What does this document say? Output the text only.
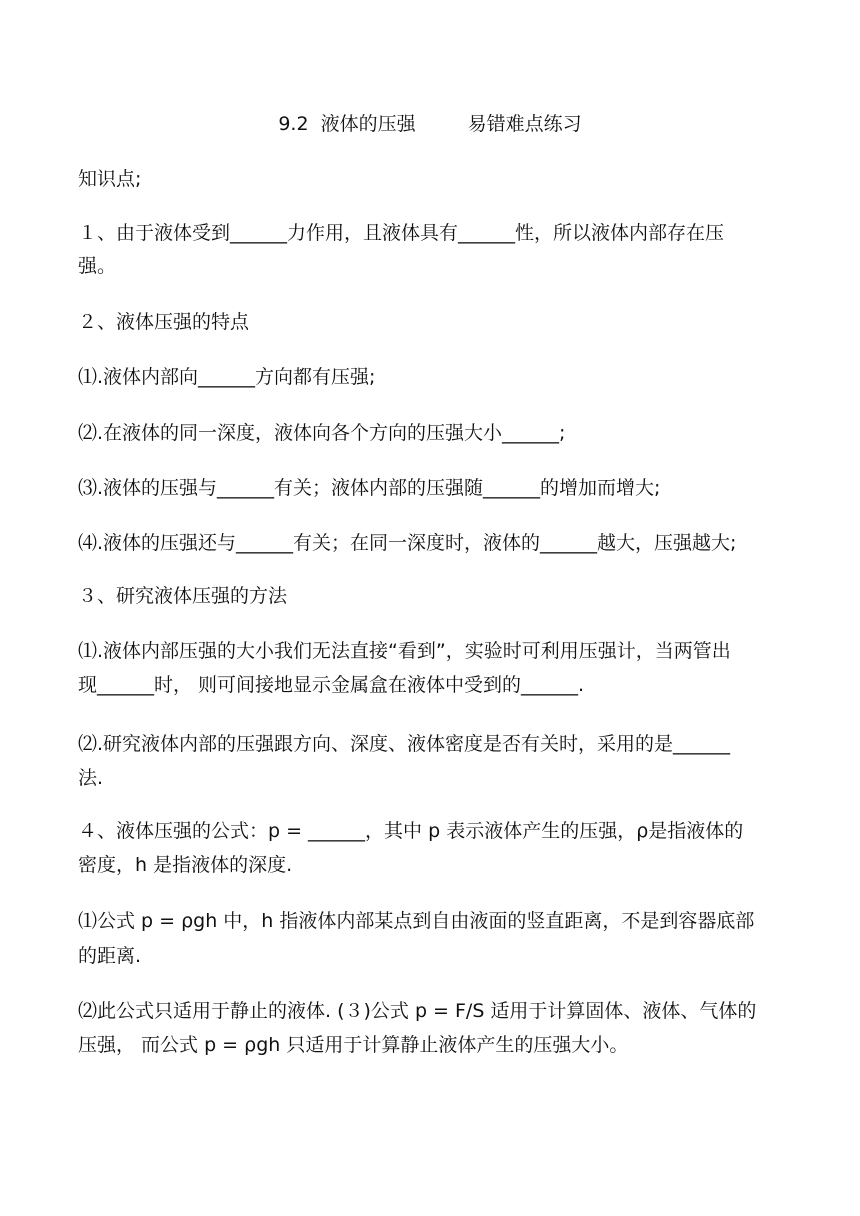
9.2  液体的压强	易错难点练习
知识点;
１、由于液体受到______力作用，且液体具有______性，所以液体内部存在压
强。
２、液体压强的特点
⑴.液体内部向______方向都有压强;
⑵.在液体的同一深度，液体向各个方向的压强大小______;
⑶.液体的压强与______有关；液体内部的压强随______的增加而增大;
⑷.液体的压强还与______有关；在同一深度时，液体的______越大，压强越大;
３、研究液体压强的方法
⑴.液体内部压强的大小我们无法直接“看到”，实验时可利用压强计，当两管出
现______时， 则可间接地显示金属盒在液体中受到的______.
⑵.研究液体内部的压强跟方向、深度、液体密度是否有关时，采用的是______
法.
４、液体压强的公式：p = ______，其中 p 表示液体产生的压强，ρ是指液体的
密度，h 是指液体的深度.
⑴公式 p = ρgh 中，h 指液体内部某点到自由液面的竖直距离，不是到容器底部
的距离.
⑵此公式只适用于静止的液体. (３)公式 p = F/S 适用于计算固体、液体、气体的
压强， 而公式 p = ρgh 只适用于计算静止液体产生的压强大小。
